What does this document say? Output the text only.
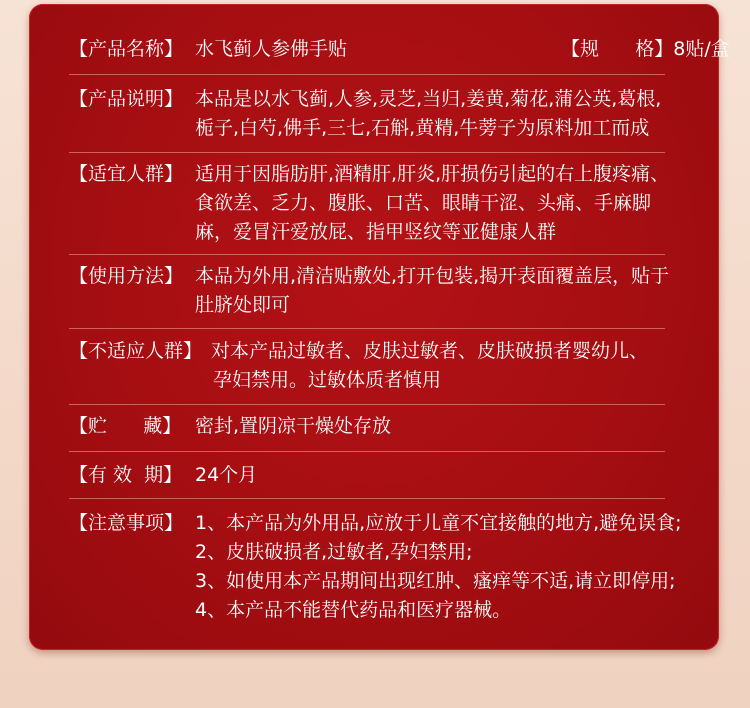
【产品名称】 水飞蓟人参佛手贴	【规      格】8贴/盒
【产品说明】 本品是以水飞蓟,人参,灵芝,当归,姜黄,菊花,蒲公英,葛根,
栀子,白芍,佛手,三七,石斛,黄精,牛蒡子为原料加工而成
【适宜人群】 适用于因脂肪肝,酒精肝,肝炎,肝损伤引起的右上腹疼痛、
食欲差、乏力、腹胀、口苦、眼睛干涩、头痛、手麻脚
麻，爱冒汗爱放屁、指甲竖纹等亚健康人群
【使用方法】 本品为外用,清洁贴敷处,打开包装,揭开表面覆盖层，贴于
肚脐处即可
【不适应人群】 对本产品过敏者、皮肤过敏者、皮肤破损者婴幼儿、
孕妇禁用。过敏体质者慎用
【贮      藏】 密封,置阴凉干燥处存放
【有 效  期】 24个月
【注意事项】 1、本产品为外用品,应放于儿童不宜接触的地方,避免误食;
2、皮肤破损者,过敏者,孕妇禁用;
3、如使用本产品期间出现红肿、瘙痒等不适,请立即停用;
4、本产品不能替代药品和医疗器械。
